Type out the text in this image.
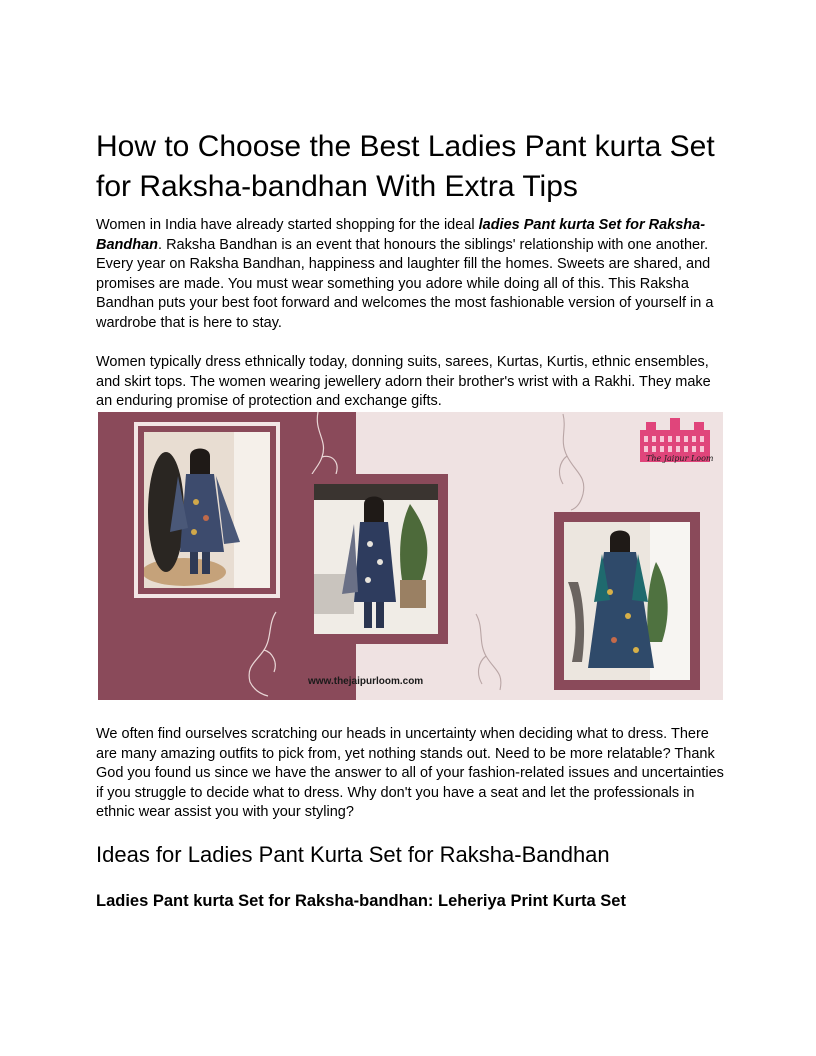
How to Choose the Best Ladies Pant kurta Set for Raksha-bandhan With Extra Tips

Women in India have already started shopping for the ideal ladies Pant kurta Set for Raksha-Bandhan. Raksha Bandhan is an event that honours the siblings' relationship with one another. Every year on Raksha Bandhan, happiness and laughter fill the homes. Sweets are shared, and promises are made. You must wear something you adore while doing all of this. This Raksha Bandhan puts your best foot forward and welcomes the most fashionable version of yourself in a wardrobe that is here to stay.

Women typically dress ethnically today, donning suits, sarees, Kurtas, Kurtis, ethnic ensembles, and skirt tops. The women wearing jewellery adorn their brother's wrist with a Rakhi. They make an enduring promise of protection and exchange gifts.

The Jaipur Loom
www.thejaipurloom.com

We often find ourselves scratching our heads in uncertainty when deciding what to dress. There are many amazing outfits to pick from, yet nothing stands out. Need to be more relatable? Thank God you found us since we have the answer to all of your fashion-related issues and uncertainties if you struggle to decide what to dress. Why don't you have a seat and let the professionals in ethnic wear assist you with your styling?

Ideas for Ladies Pant Kurta Set for Raksha-Bandhan
Ladies Pant kurta Set for Raksha-bandhan: Leheriya Print Kurta Set
